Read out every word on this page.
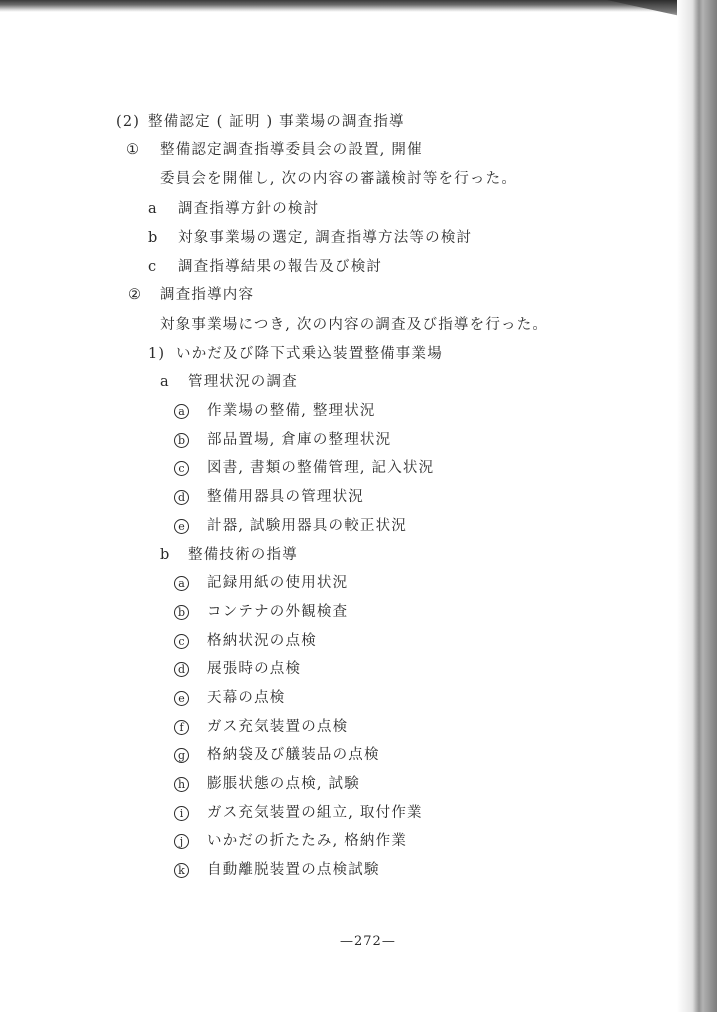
(2) 整備認定 ( 証明 ) 事業場の調査指導
① 整備認定調査指導委員会の設置, 開催
委員会を開催し, 次の内容の審議検討等を行った。
a 調査指導方針の検討
b 対象事業場の選定, 調査指導方法等の検討
c 調査指導結果の報告及び検討
② 調査指導内容
対象事業場につき, 次の内容の調査及び指導を行った。
1) いかだ及び降下式乗込装置整備事業場
a 管理状況の調査
a 作業場の整備, 整理状況
b 部品置場, 倉庫の整理状況
c 図書, 書類の整備管理, 記入状況
d 整備用器具の管理状況
e 計器, 試験用器具の較正状況
b 整備技術の指導
a 記録用紙の使用状況
b コンテナの外観検査
c 格納状況の点検
d 展張時の点検
e 天幕の点検
f ガス充気装置の点検
g 格納袋及び艤装品の点検
h 膨脹状態の点検, 試験
i ガス充気装置の組立, 取付作業
j いかだの折たたみ, 格納作業
k 自動離脱装置の点検試験
—272—
